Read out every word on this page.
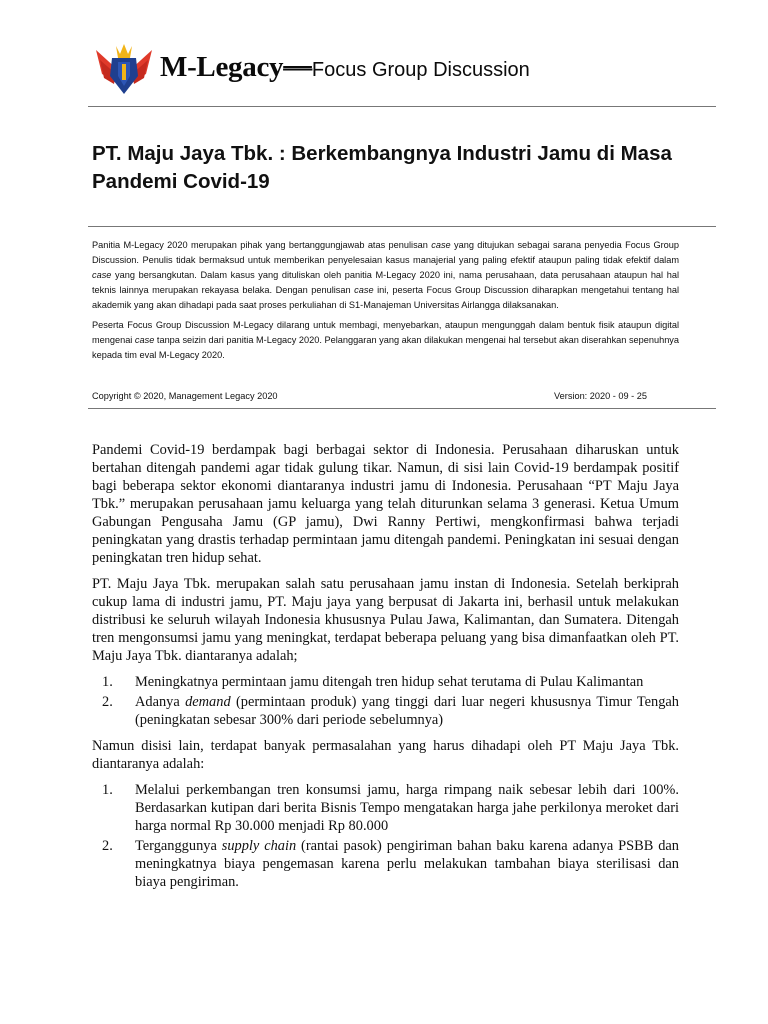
M-Legacy—Focus Group Discussion
PT. Maju Jaya Tbk. : Berkembangnya Industri Jamu di Masa Pandemi Covid-19

Panitia M-Legacy 2020 merupakan pihak yang bertanggungjawab atas penulisan case yang ditujukan sebagai sarana penyedia Focus Group Discussion. Penulis tidak bermaksud untuk memberikan penyelesaian kasus manajerial yang paling efektif ataupun paling tidak efektif dalam case yang bersangkutan. Dalam kasus yang dituliskan oleh panitia M-Legacy 2020 ini, nama perusahaan, data perusahaan ataupun hal hal teknis lainnya merupakan rekayasa belaka. Dengan penulisan case ini, peserta Focus Group Discussion diharapkan mengetahui tentang hal akademik yang akan dihadapi pada saat proses perkuliahan di S1-Manajeman Universitas Airlangga dilaksanakan.

Peserta Focus Group Discussion M-Legacy dilarang untuk membagi, menyebarkan, ataupun mengunggah dalam bentuk fisik ataupun digital mengenai case tanpa seizin dari panitia M-Legacy 2020. Pelanggaran yang akan dilakukan mengenai hal tersebut akan diserahkan sepenuhnya kepada tim eval M-Legacy 2020.

Copyright © 2020, Management Legacy 2020	Version: 2020 - 09 - 25

Pandemi Covid-19 berdampak bagi berbagai sektor di Indonesia. Perusahaan diharuskan untuk bertahan ditengah pandemi agar tidak gulung tikar. Namun, di sisi lain Covid-19 berdampak positif bagi beberapa sektor ekonomi diantaranya industri jamu di Indonesia. Perusahaan “PT Maju Jaya Tbk.” merupakan perusahaan jamu keluarga yang telah diturunkan selama 3 generasi. Ketua Umum Gabungan Pengusaha Jamu (GP jamu), Dwi Ranny Pertiwi, mengkonfirmasi bahwa terjadi peningkatan yang drastis terhadap permintaan jamu ditengah pandemi. Peningkatan ini sesuai dengan peningkatan tren hidup sehat.

PT. Maju Jaya Tbk. merupakan salah satu perusahaan jamu instan di Indonesia. Setelah berkiprah cukup lama di industri jamu, PT. Maju jaya yang berpusat di Jakarta ini, berhasil untuk melakukan distribusi ke seluruh wilayah Indonesia khususnya Pulau Jawa, Kalimantan, dan Sumatera. Ditengah tren mengonsumsi jamu yang meningkat, terdapat beberapa peluang yang bisa dimanfaatkan oleh PT. Maju Jaya Tbk. diantaranya adalah;

1. Meningkatnya permintaan jamu ditengah tren hidup sehat terutama di Pulau Kalimantan
2. Adanya demand (permintaan produk) yang tinggi dari luar negeri khususnya Timur Tengah (peningkatan sebesar 300% dari periode sebelumnya)

Namun disisi lain, terdapat banyak permasalahan yang harus dihadapi oleh PT Maju Jaya Tbk. diantaranya adalah:

1. Melalui perkembangan tren konsumsi jamu, harga rimpang naik sebesar lebih dari 100%. Berdasarkan kutipan dari berita Bisnis Tempo mengatakan harga jahe perkilonya meroket dari harga normal Rp 30.000 menjadi Rp 80.000
2. Terganggunya supply chain (rantai pasok) pengiriman bahan baku karena adanya PSBB dan meningkatnya biaya pengemasan karena perlu melakukan tambahan biaya sterilisasi dan biaya pengiriman.
